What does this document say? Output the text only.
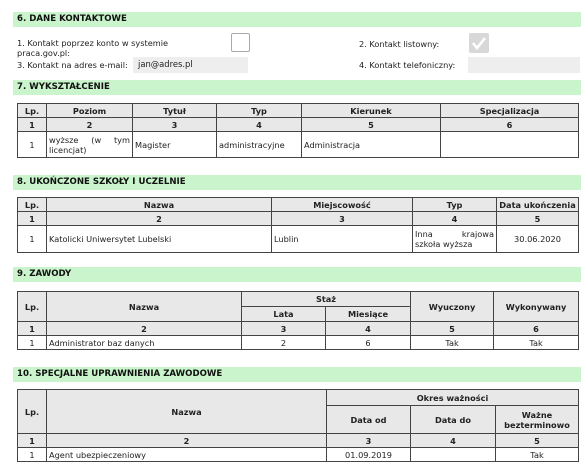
6. DANE KONTAKTOWE
1. Kontakt poprzez konto w systemie praca.gov.pl:
2. Kontakt listowny:
3. Kontakt na adres e-mail:	jan@adres.pl	4. Kontakt telefoniczny:
7. WYKSZTAŁCENIE
Lp.	Poziom	Tytuł	Typ	Kierunek	Specjalizacja
1	2	3	4	5	6
1	wyższe (w tym licencjat)	Magister	administracyjne	Administracja	
8. UKOŃCZONE SZKOŁY I UCZELNIE
Lp.	Nazwa	Miejscowość	Typ	Data ukończenia
1	2	3	4	5
1	Katolicki Uniwersytet Lubelski	Lublin	Inna krajowa szkoła wyższa	30.06.2020
9. ZAWODY
Lp.	Nazwa	Staż		Wyuczony	Wykonywany
		Lata	Miesiące		
1	2	3	4	5	6
1	Administrator baz danych	2	6	Tak	Tak
10. SPECJALNE UPRAWNIENIA ZAWODOWE
Lp.	Nazwa	Okres ważności		
		Data od	Data do	Ważne bezterminowo
1	2	3	4	5
1	Agent ubezpieczeniowy	01.09.2019		Tak
